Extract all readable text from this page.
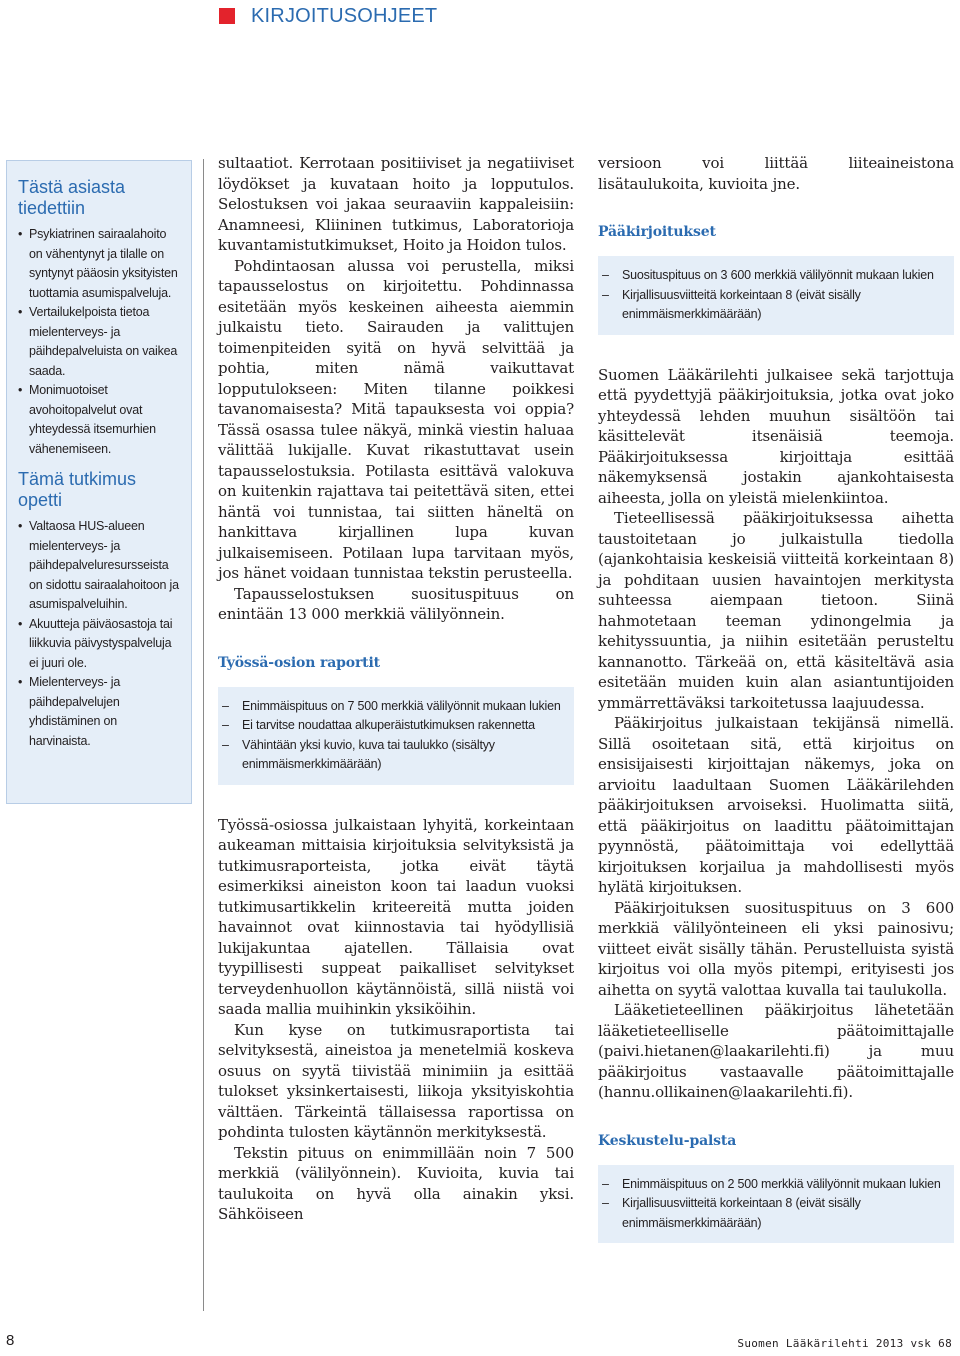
KIRJOITUSOHJEET
Tästä asiasta tiedettiin
• Psykiatrinen sairaalahoito on vähentynyt ja tilalle on syntynyt pääosin yksityisten tuottamia asumispalveluja.
• Vertailukelpoista tietoa mielenterveys- ja päihdepalveluista on vaikea saada.
• Monimuotoiset avohoitopalvelut ovat yhteydessä itsemurhien vähenemiseen.
Tämä tutkimus opetti
• Valtaosa HUS-alueen mielenterveys- ja päihdepalveluresursseista on sidottu sairaalahoitoon ja asumispalveluihin.
• Akuutteja päiväosastoja tai liikkuvia päivystyspalveluja ei juuri ole.
• Mielenterveys- ja päihdepalvelujen yhdistäminen on harvinaista.

sultaatiot. Kerrotaan positiiviset ja negatiiviset löydökset ja kuvataan hoito ja lopputulos. Selostuksen voi jakaa seuraaviin kappaleisiin: Anamneesi, Kliininen tutkimus, Laboratorioja kuvantamistutkimukset, Hoito ja Hoidon tulos.

Pohdintaosan alussa voi perustella, miksi tapausselostus on kirjoitettu. Pohdinnassa esitetään myös keskeinen aiheesta aiemmin julkaistu tieto. Sairauden ja valittujen toimenpiteiden syitä on hyvä selvittää ja pohtia, miten nämä vaikuttavat lopputulokseen: Miten tilanne poikkesi tavanomaisesta? Mitä tapauksesta voi oppia? Tässä osassa tulee näkyä, minkä viestin haluaa välittää lukijalle. Kuvat rikastuttavat usein tapausselostuksia. Potilasta esittävä valokuva on kuitenkin rajattava tai peitettävä siten, ettei häntä voi tunnistaa, tai siitten häneltä on hankittava kirjallinen lupa kuvan julkaisemiseen. Potilaan lupa tarvitaan myös, jos hänet voidaan tunnistaa tekstin perusteella.

Tapausselostuksen suosituspituus on enintään 13 000 merkkiä välilyönnein.

Työssä-osion raportit
– Enimmäispituus on 7 500 merkkiä välilyönnit mukaan lukien
– Ei tarvitse noudattaa alkuperäistutkimuksen rakennetta
– Vähintään yksi kuvio, kuva tai taulukko (sisältyy enimmäismerkkimäärään)

Työssä-osiossa julkaistaan lyhyitä, korkeintaan aukeaman mittaisia kirjoituksia selvityksistä ja tutkimusraporteista, jotka eivät täytä esimerkiksi aineiston koon tai laadun vuoksi tutkimusartikkelin kriteereitä mutta joiden havainnot ovat kiinnostavia tai hyödyllisiä lukijakuntaa ajatellen. Tällaisia ovat tyypillisesti suppeat paikalliset selvitykset terveydenhuollon käytännöistä, sillä niistä voi saada mallia muihinkin yksiköihin.

Kun kyse on tutkimusraportista tai selvityksestä, aineistoa ja menetelmiä koskeva osuus on syytä tiivistää minimiin ja esittää tulokset yksinkertaisesti, liikoja yksityiskohtia välttäen. Tärkeintä tällaisessa raportissa on pohdinta tulosten käytännön merkityksestä.

Tekstin pituus on enimmillään noin 7 500 merkkiä (välilyönnein). Kuvioita, kuvia tai taulukoita on hyvä olla ainakin yksi. Sähköiseen

versioon voi liittää liiteaineistona lisätaulukoita, kuvioita jne.

Pääkirjoitukset
– Suosituspituus on 3 600 merkkiä välilyönnit mukaan lukien
– Kirjallisuusviitteitä korkeintaan 8 (eivät sisälly enimmäismerkkimäärään)

Suomen Lääkärilehti julkaisee sekä tarjottuja että pyydettyjä pääkirjoituksia, jotka ovat joko yhteydessä lehden muuhun sisältöön tai käsittelevät itsenäisiä teemoja. Pääkirjoituksessa kirjoittaja esittää näkemyksensä jostakin ajankohtaisesta aiheesta, jolla on yleistä mielenkiintoa.

Tieteellisessä pääkirjoituksessa aihetta taustoitetaan jo julkaistulla tiedolla (ajankohtaisia keskeisiä viitteitä korkeintaan 8) ja pohditaan uusien havaintojen merkitysta suhteessa aiempaan tietoon. Siinä hahmotetaan teeman ydinongelmia ja kehityssuuntia, ja niihin esitetään perusteltu kannanotto. Tärkeää on, että käsiteltävä asia esitetään muiden kuin alan asiantuntijoiden ymmärrettäväksi tarkoitetussa laajuudessa.

Pääkirjoitus julkaistaan tekijänsä nimellä. Sillä osoitetaan sitä, että kirjoitus on ensisijaisesti kirjoittajan näkemys, joka on arvioitu laadultaan Suomen Lääkärilehden pääkirjoituksen arvoiseksi. Huolimatta siitä, että pääkirjoitus on laadittu päätoimittajan pyynnöstä, päätoimittaja voi edellyttää kirjoituksen korjailua ja mahdollisesti myös hylätä kirjoituksen.

Pääkirjoituksen suosituspituus on 3 600 merkkiä välilyönteineen eli yksi painosivu; viitteet eivät sisälly tähän. Perustelluista syistä kirjoitus voi olla myös pitempi, erityisesti jos aihetta on syytä valottaa kuvalla tai taulukolla.

Lääketieteellinen pääkirjoitus lähetetään lääketieteelliselle päätoimittajalle (paivi.hietanen@laakarilehti.fi) ja muu pääkirjoitus vastaavalle päätoimittajalle (hannu.ollikainen@laakarilehti.fi).

Keskustelu-palsta
– Enimmäispituus on 2 500 merkkiä välilyönnit mukaan lukien
– Kirjallisuusviitteitä korkeintaan 8 (eivät sisälly enimmäismerkkimäärään)
8	Suomen Lääkärilehti 2013 vsk 68
